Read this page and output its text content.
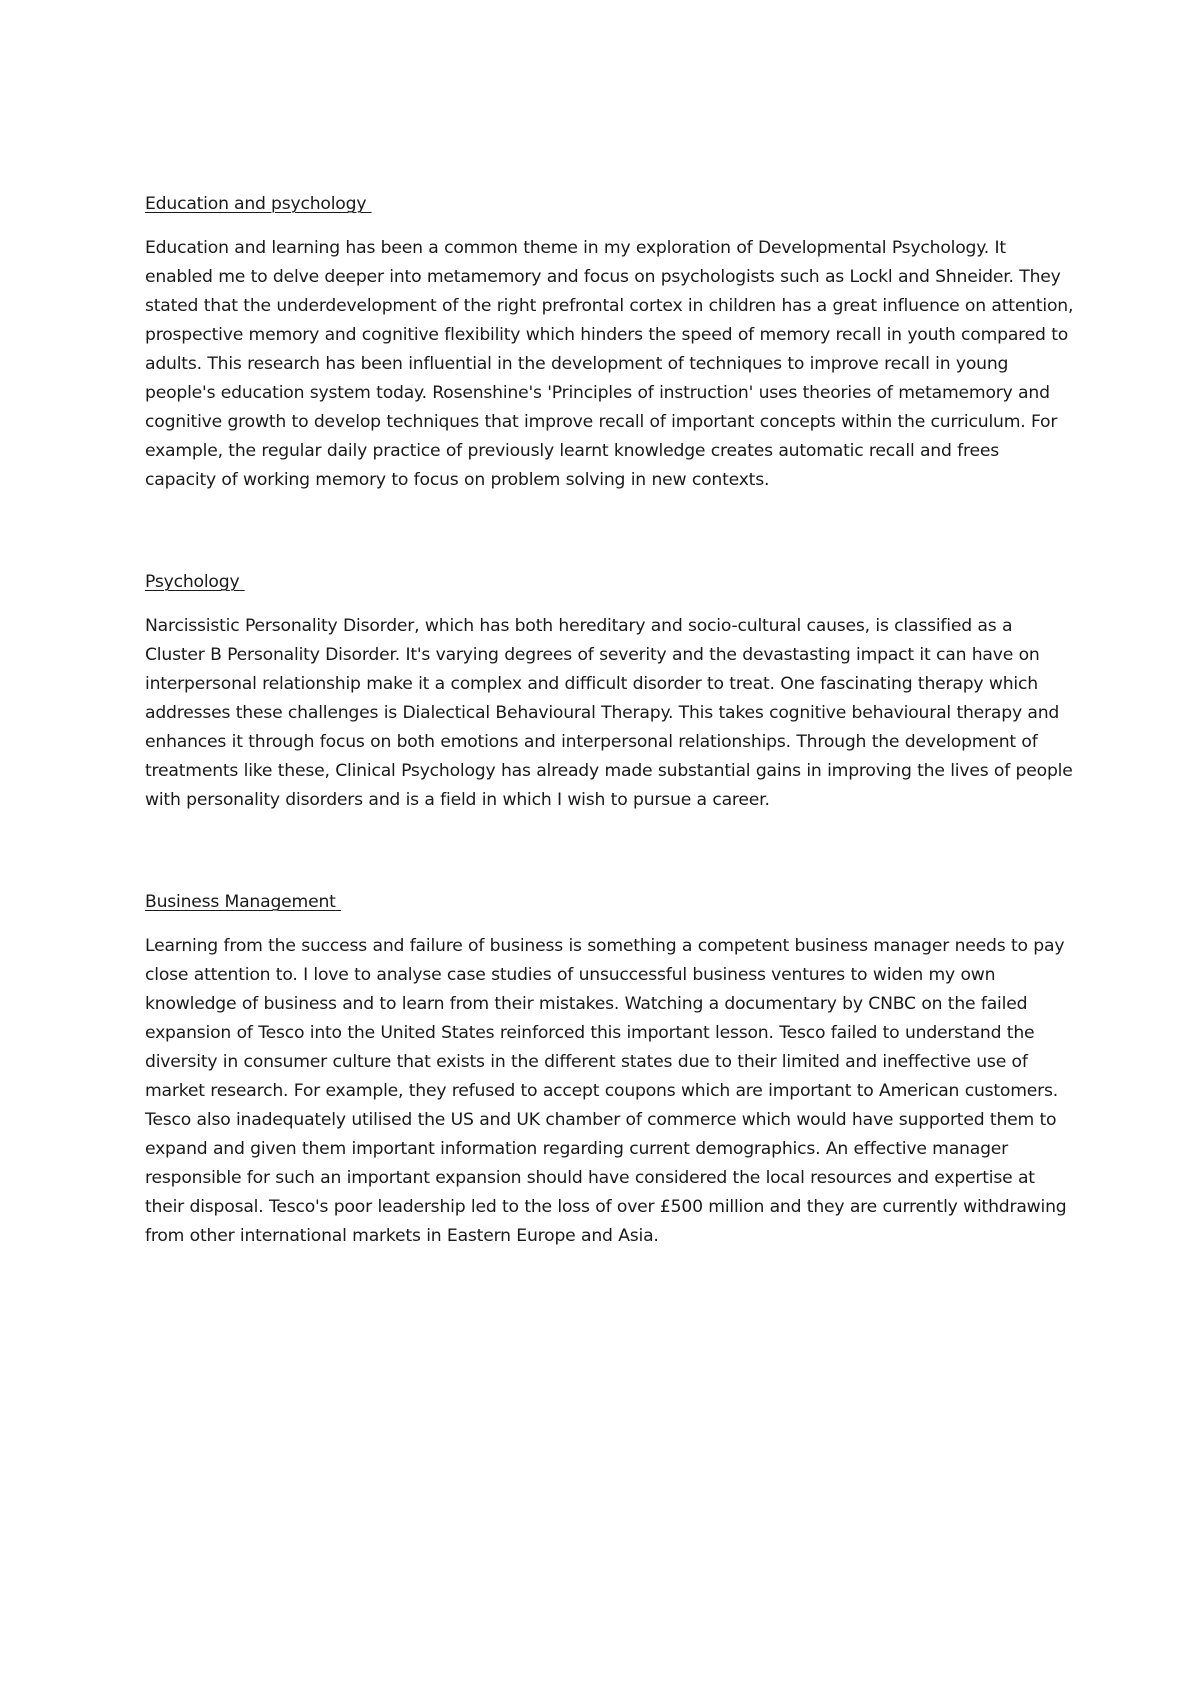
Education and psychology

Education and learning has been a common theme in my exploration of Developmental Psychology. It enabled me to delve deeper into metamemory and focus on psychologists such as Lockl and Shneider. They stated that the underdevelopment of the right prefrontal cortex in children has a great influence on attention, prospective memory and cognitive flexibility which hinders the speed of memory recall in youth compared to adults. This research has been influential in the development of techniques to improve recall in young people's education system today. Rosenshine's 'Principles of instruction' uses theories of metamemory and cognitive growth to develop techniques that improve recall of important concepts within the curriculum. For example, the regular daily practice of previously learnt knowledge creates automatic recall and frees capacity of working memory to focus on problem solving in new contexts.

Psychology

Narcissistic Personality Disorder, which has both hereditary and socio-cultural causes, is classified as a Cluster B Personality Disorder. It's varying degrees of severity and the devastasting impact it can have on interpersonal relationship make it a complex and difficult disorder to treat. One fascinating therapy which addresses these challenges is Dialectical Behavioural Therapy. This takes cognitive behavioural therapy and enhances it through focus on both emotions and interpersonal relationships. Through the development of treatments like these, Clinical Psychology has already made substantial gains in improving the lives of people with personality disorders and is a field in which I wish to pursue a career.

Business Management

Learning from the success and failure of business is something a competent business manager needs to pay close attention to. I love to analyse case studies of unsuccessful business ventures to widen my own knowledge of business and to learn from their mistakes. Watching a documentary by CNBC on the failed expansion of Tesco into the United States reinforced this important lesson. Tesco failed to understand the diversity in consumer culture that exists in the different states due to their limited and ineffective use of market research. For example, they refused to accept coupons which are important to American customers. Tesco also inadequately utilised the US and UK chamber of commerce which would have supported them to expand and given them important information regarding current demographics. An effective manager responsible for such an important expansion should have considered the local resources and expertise at their disposal. Tesco's poor leadership led to the loss of over £500 million and they are currently withdrawing from other international markets in Eastern Europe and Asia.
